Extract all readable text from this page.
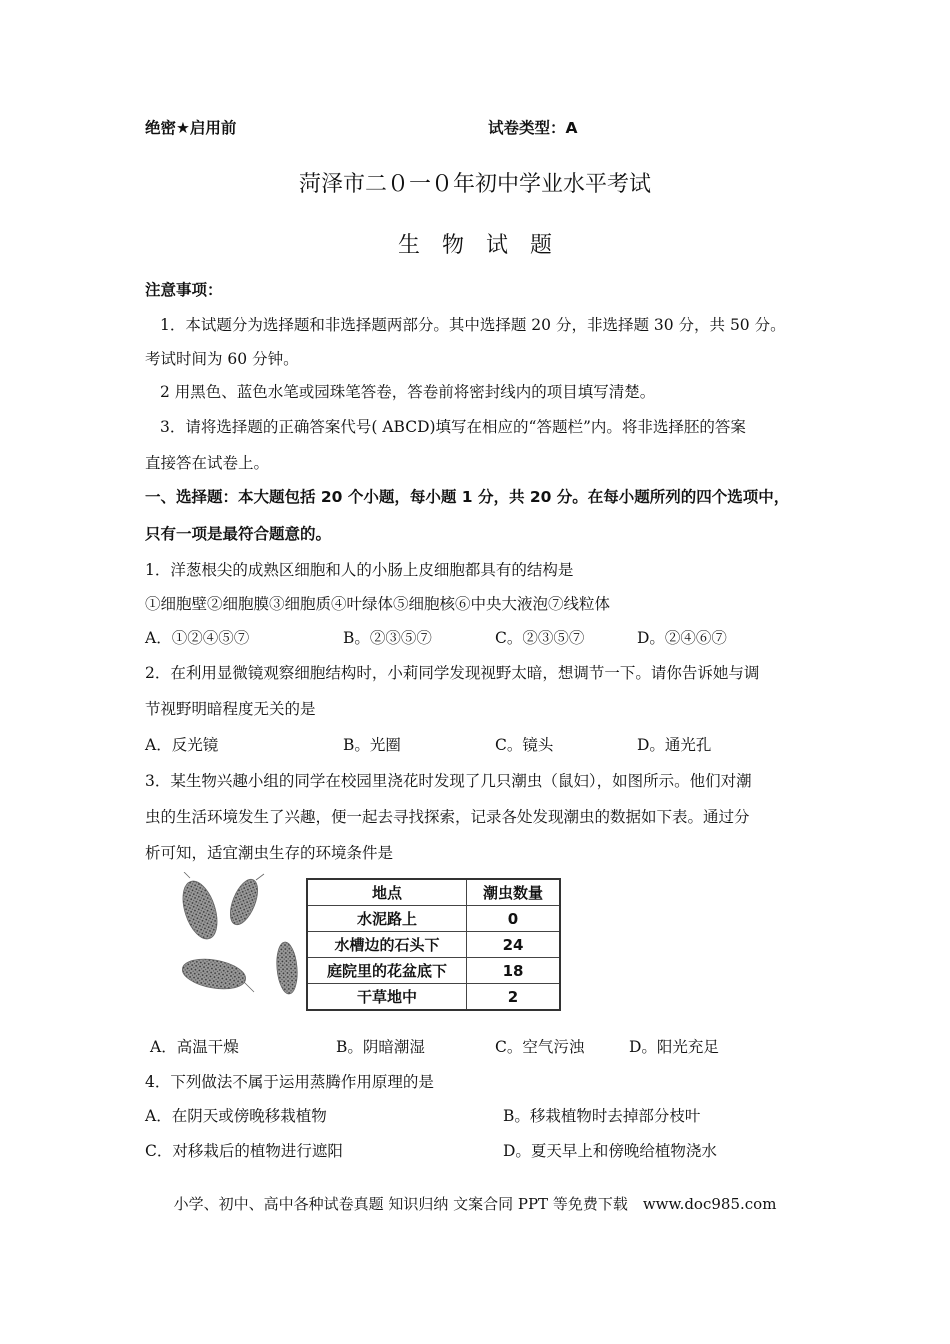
绝密★启用前	试卷类型：A
菏泽市二０一０年初中学业水平考试
生　物　试　题
注意事项：
1．本试题分为选择题和非选择题两部分。其中选择题 20 分，非选择题 30 分，共 50 分。
考试时间为 60 分钟。
2 用黑色、蓝色水笔或园珠笔答卷，答卷前将密封线内的项目填写清楚。
3．请将选择题的正确答案代号( ABCD)填写在相应的“答题栏”内。将非选择胚的答案
直接答在试卷上。
一、选择题：本大题包括 20 个小题，每小题 1 分，共 20 分。在每小题所列的四个选项中，
只有一项是最符合题意的。
1．洋葱根尖的成熟区细胞和人的小肠上皮细胞都具有的结构是
①细胞壁②细胞膜③细胞质④叶绿体⑤细胞核⑥中央大液泡⑦线粒体
A．①②④⑤⑦	B。②③⑤⑦	C。②③⑤⑦	D。②④⑥⑦
2．在利用显微镜观察细胞结构时，小莉同学发现视野太暗，想调节一下。请你告诉她与调
节视野明暗程度无关的是
A．反光镜	B。光圈	C。镜头	D。通光孔
3．某生物兴趣小组的同学在校园里浇花时发现了几只潮虫（鼠妇），如图所示。他们对潮
虫的生活环境发生了兴趣，便一起去寻找探索，记录各处发现潮虫的数据如下表。通过分
析可知，适宜潮虫生存的环境条件是
地点	潮虫数量
水泥路上	0
水槽边的石头下	24
庭院里的花盆底下	18
干草地中	2
A．高温干燥	B。阴暗潮湿	C。空气污浊	D。阳光充足
4．下列做法不属于运用蒸腾作用原理的是
A．在阴天或傍晚移栽植物	B。移栽植物时去掉部分枝叶
C．对移栽后的植物进行遮阳	D。夏天早上和傍晚给植物浇水
小学、初中、高中各种试卷真题 知识归纳 文案合同 PPT 等免费下载　www.doc985.com
